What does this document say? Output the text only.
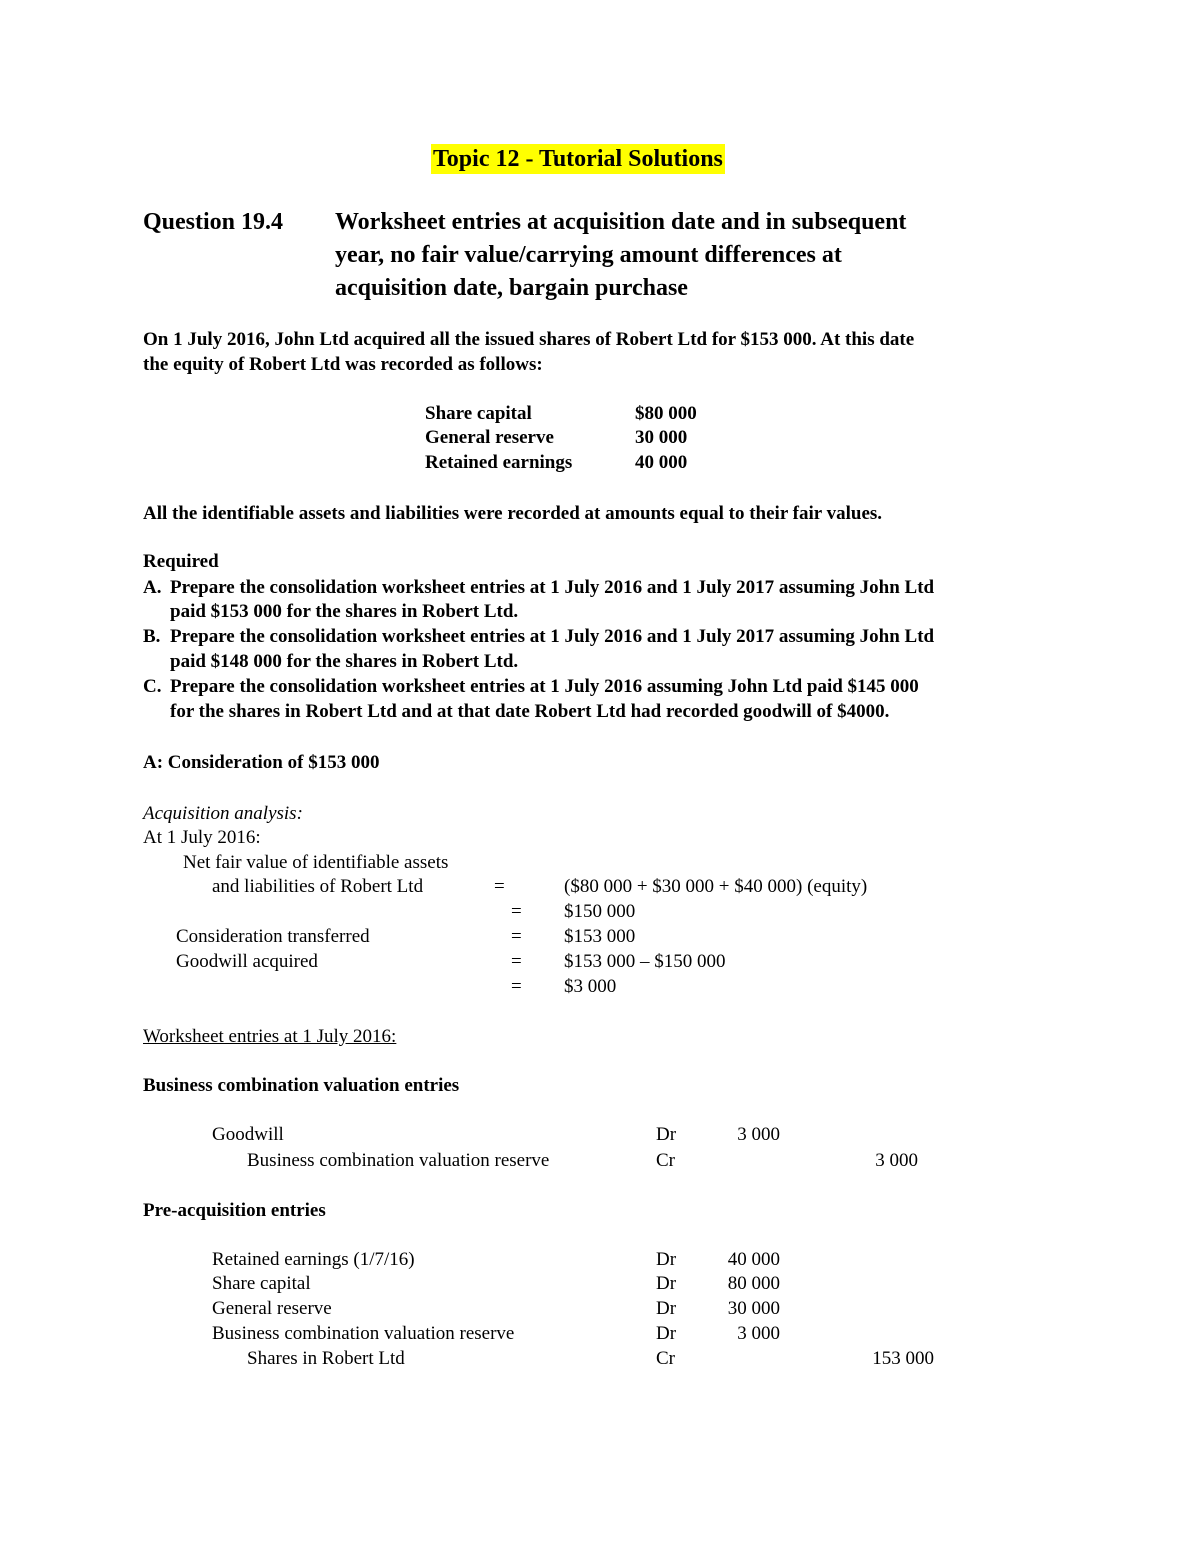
Topic 12 - Tutorial Solutions
Question 19.4 Worksheet entries at acquisition date and in subsequent
year, no fair value/carrying amount differences at
acquisition date, bargain purchase
On 1 July 2016, John Ltd acquired all the issued shares of Robert Ltd for $153 000. At this date
the equity of Robert Ltd was recorded as follows:
Share capital	$80 000
General reserve	30 000
Retained earnings	40 000
All the identifiable assets and liabilities were recorded at amounts equal to their fair values.
Required
A. Prepare the consolidation worksheet entries at 1 July 2016 and 1 July 2017 assuming John Ltd
paid $153 000 for the shares in Robert Ltd.
B. Prepare the consolidation worksheet entries at 1 July 2016 and 1 July 2017 assuming John Ltd
paid $148 000 for the shares in Robert Ltd.
C. Prepare the consolidation worksheet entries at 1 July 2016 assuming John Ltd paid $145 000
for the shares in Robert Ltd and at that date Robert Ltd had recorded goodwill of $4000.
A: Consideration of $153 000
Acquisition analysis:
At 1 July 2016:
Net fair value of identifiable assets
and liabilities of Robert Ltd	=	($80 000 + $30 000 + $40 000) (equity)
= $150 000
Consideration transferred	= $153 000
Goodwill acquired	= $153 000 – $150 000
= $3 000
Worksheet entries at 1 July 2016:
Business combination valuation entries
Goodwill	Dr	3 000
Business combination valuation reserve	Cr	3 000
Pre-acquisition entries
Retained earnings (1/7/16)	Dr	40 000
Share capital	Dr	80 000
General reserve	Dr	30 000
Business combination valuation reserve	Dr	3 000
Shares in Robert Ltd	Cr	153 000
